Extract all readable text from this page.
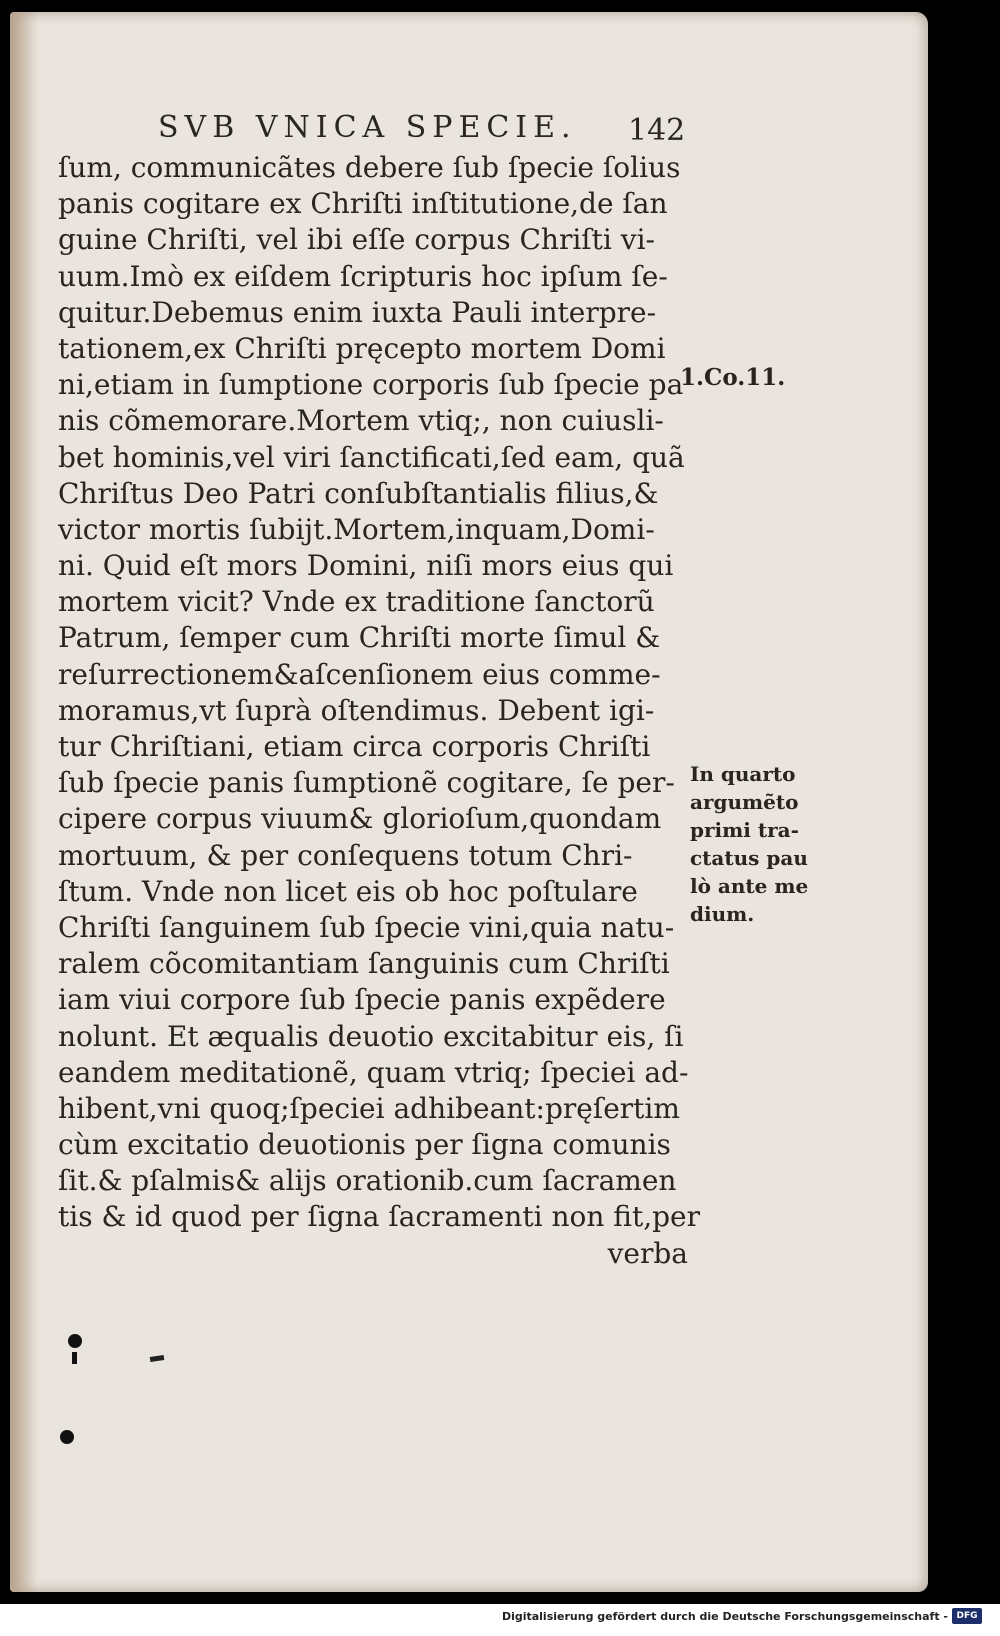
SVB VNICA SPECIE. 142
ſum, communicãtes debere ſub ſpecie ſolius
panis cogitare ex Chriſti inſtitutione,de ſan
guine Chriſti, vel ibi eſſe corpus Chriſti vi-
uum.Imò ex eiſdem ſcripturis hoc ipſum ſe-
quitur.Debemus enim iuxta Pauli interpre-
tationem,ex Chriſti pręcepto mortem Domi
ni,etiam in ſumptione corporis ſub ſpecie pa
nis cõmemorare.Mortem vtiq;, non cuiusli-
bet hominis,vel viri ſanctificati,ſed eam, quã
Chriſtus Deo Patri conſubſtantialis filius,&
victor mortis ſubijt.Mortem,inquam,Domi-
ni. Quid eſt mors Domini, niſi mors eius qui
mortem vicit? Vnde ex traditione ſanctorũ
Patrum, ſemper cum Chriſti morte ſimul &
reſurrectionem&aſcenſionem eius comme-
moramus,vt ſuprà oſtendimus. Debent igi-
tur Chriſtiani, etiam circa corporis Chriſti
ſub ſpecie panis ſumptionẽ cogitare, ſe per-
cipere corpus viuum& glorioſum,quondam
mortuum, & per conſequens totum Chri-
ſtum. Vnde non licet eis ob hoc poſtulare
Chriſti ſanguinem ſub ſpecie vini,quia natu-
ralem cõcomitantiam ſanguinis cum Chriſti
iam viui corpore ſub ſpecie panis expẽdere
nolunt. Et æqualis deuotio excitabitur eis, ſi
eandem meditationẽ, quam vtriq; ſpeciei ad-
hibent,vni quoq;ſpeciei adhibeant:pręſertim
cùm excitatio deuotionis per ſigna comunis
ſit.& pſalmis& alijs orationib.cum ſacramen
tis & id quod per ſigna ſacramenti non fit,per
verba
1.Co.11.
In quarto
argumẽto
primi tra-
ctatus pau
lò ante me
dium.
Digitalisierung gefördert durch die Deutsche Forschungsgemeinschaft - DFG
